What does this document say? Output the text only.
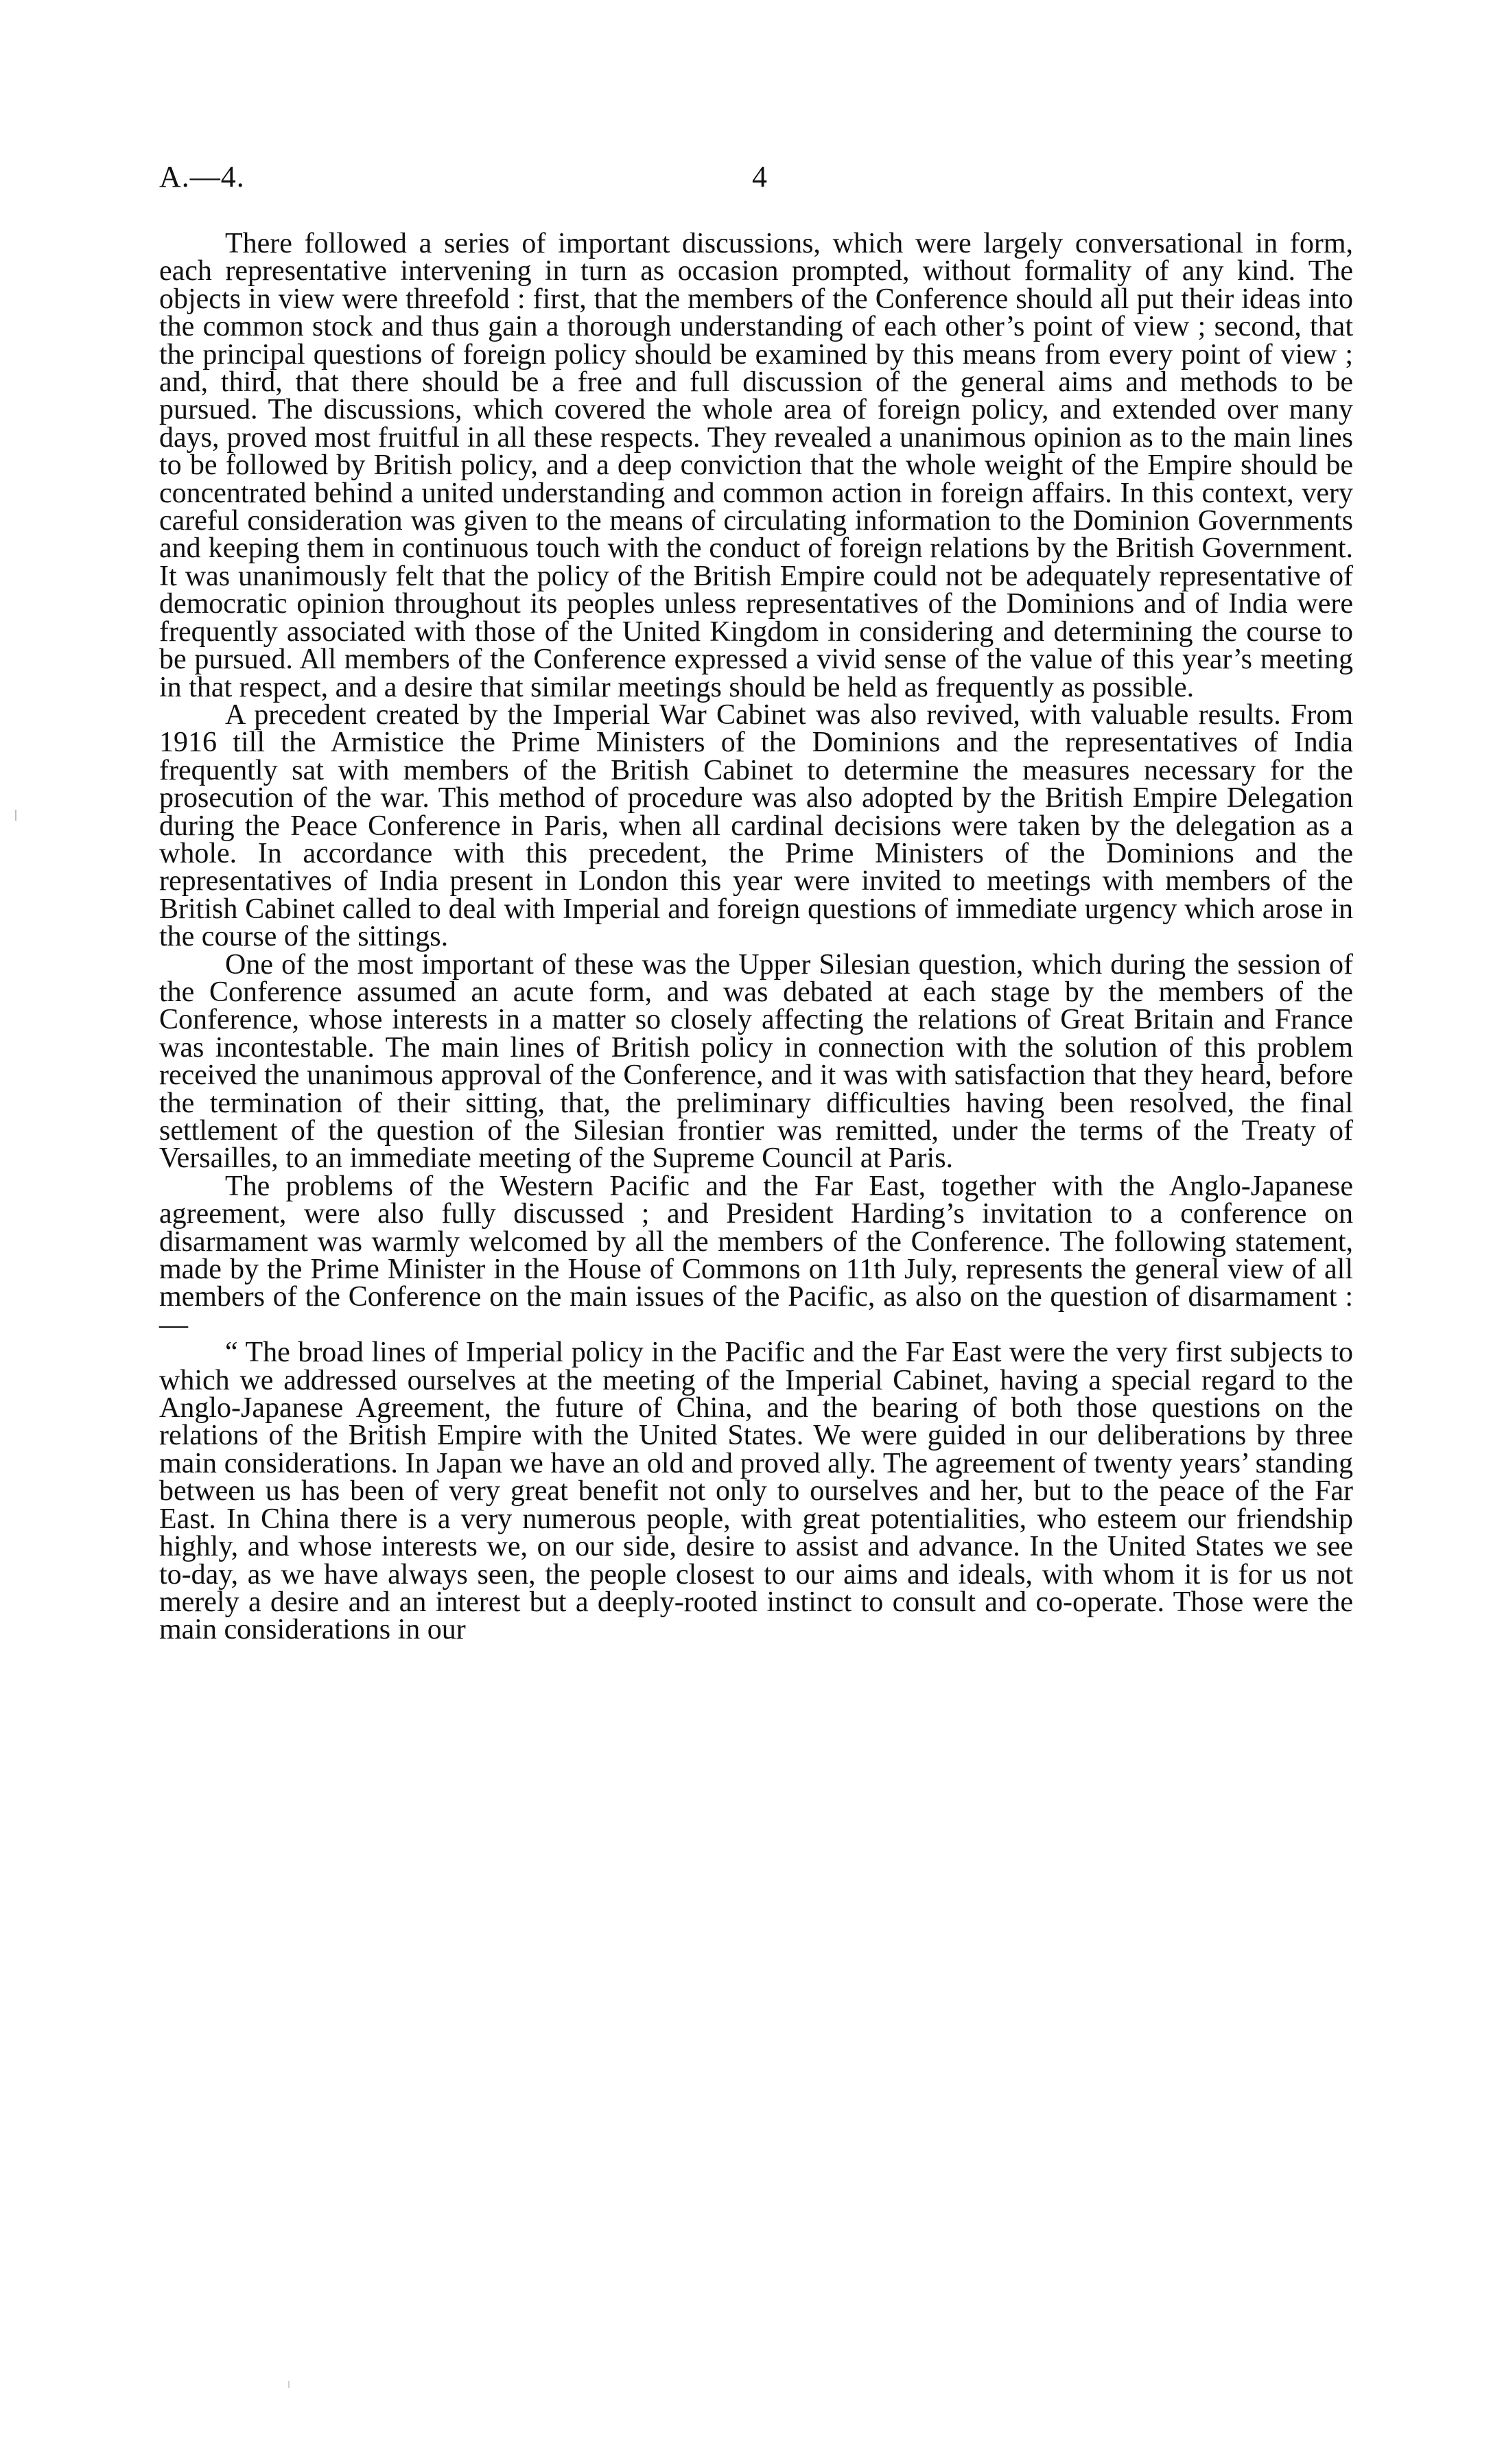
A.—4.	4

There followed a series of important discussions, which were largely conversational in form, each representative intervening in turn as occasion prompted, without formality of any kind. The objects in view were threefold : first, that the members of the Conference should all put their ideas into the common stock and thus gain a thorough understanding of each other’s point of view ; second, that the principal questions of foreign policy should be examined by this means from every point of view ; and, third, that there should be a free and full discussion of the general aims and methods to be pursued. The discussions, which covered the whole area of foreign policy, and extended over many days, proved most fruitful in all these respects. They revealed a unanimous opinion as to the main lines to be followed by British policy, and a deep conviction that the whole weight of the Empire should be concentrated behind a united understanding and common action in foreign affairs. In this context, very careful consideration was given to the means of circulating information to the Dominion Governments and keeping them in continuous touch with the conduct of foreign relations by the British Government. It was unanimously felt that the policy of the British Empire could not be adequately representative of democratic opinion throughout its peoples unless representatives of the Dominions and of India were frequently associated with those of the United Kingdom in considering and determining the course to be pursued. All members of the Conference expressed a vivid sense of the value of this year’s meeting in that respect, and a desire that similar meetings should be held as frequently as possible.

A precedent created by the Imperial War Cabinet was also revived, with valuable results. From 1916 till the Armistice the Prime Ministers of the Dominions and the representatives of India frequently sat with members of the British Cabinet to determine the measures necessary for the prosecution of the war. This method of procedure was also adopted by the British Empire Delegation during the Peace Conference in Paris, when all cardinal decisions were taken by the delegation as a whole. In accordance with this precedent, the Prime Ministers of the Dominions and the representatives of India present in London this year were invited to meetings with members of the British Cabinet called to deal with Imperial and foreign questions of immediate urgency which arose in the course of the sittings.

One of the most important of these was the Upper Silesian question, which during the session of the Conference assumed an acute form, and was debated at each stage by the members of the Conference, whose interests in a matter so closely affecting the relations of Great Britain and France was incontestable. The main lines of British policy in connection with the solution of this problem received the unanimous approval of the Conference, and it was with satisfaction that they heard, before the termination of their sitting, that, the preliminary difficulties having been resolved, the final settlement of the question of the Silesian frontier was remitted, under the terms of the Treaty of Versailles, to an immediate meeting of the Supreme Council at Paris.

The problems of the Western Pacific and the Far East, together with the Anglo-Japanese agreement, were also fully discussed ; and President Harding’s invitation to a conference on disarmament was warmly welcomed by all the members of the Conference. The following statement, made by the Prime Minister in the House of Commons on 11th July, represents the general view of all members of the Conference on the main issues of the Pacific, as also on the question of disarmament :—

“ The broad lines of Imperial policy in the Pacific and the Far East were the very first subjects to which we addressed ourselves at the meeting of the Imperial Cabinet, having a special regard to the Anglo-Japanese Agreement, the future of China, and the bearing of both those questions on the relations of the British Empire with the United States. We were guided in our deliberations by three main considerations. In Japan we have an old and proved ally. The agreement of twenty years’ standing between us has been of very great benefit not only to ourselves and her, but to the peace of the Far East. In China there is a very numerous people, with great potentialities, who esteem our friendship highly, and whose interests we, on our side, desire to assist and advance. In the United States we see to-day, as we have always seen, the people closest to our aims and ideals, with whom it is for us not merely a desire and an interest but a deeply-rooted instinct to consult and co-operate. Those were the main considerations in our
